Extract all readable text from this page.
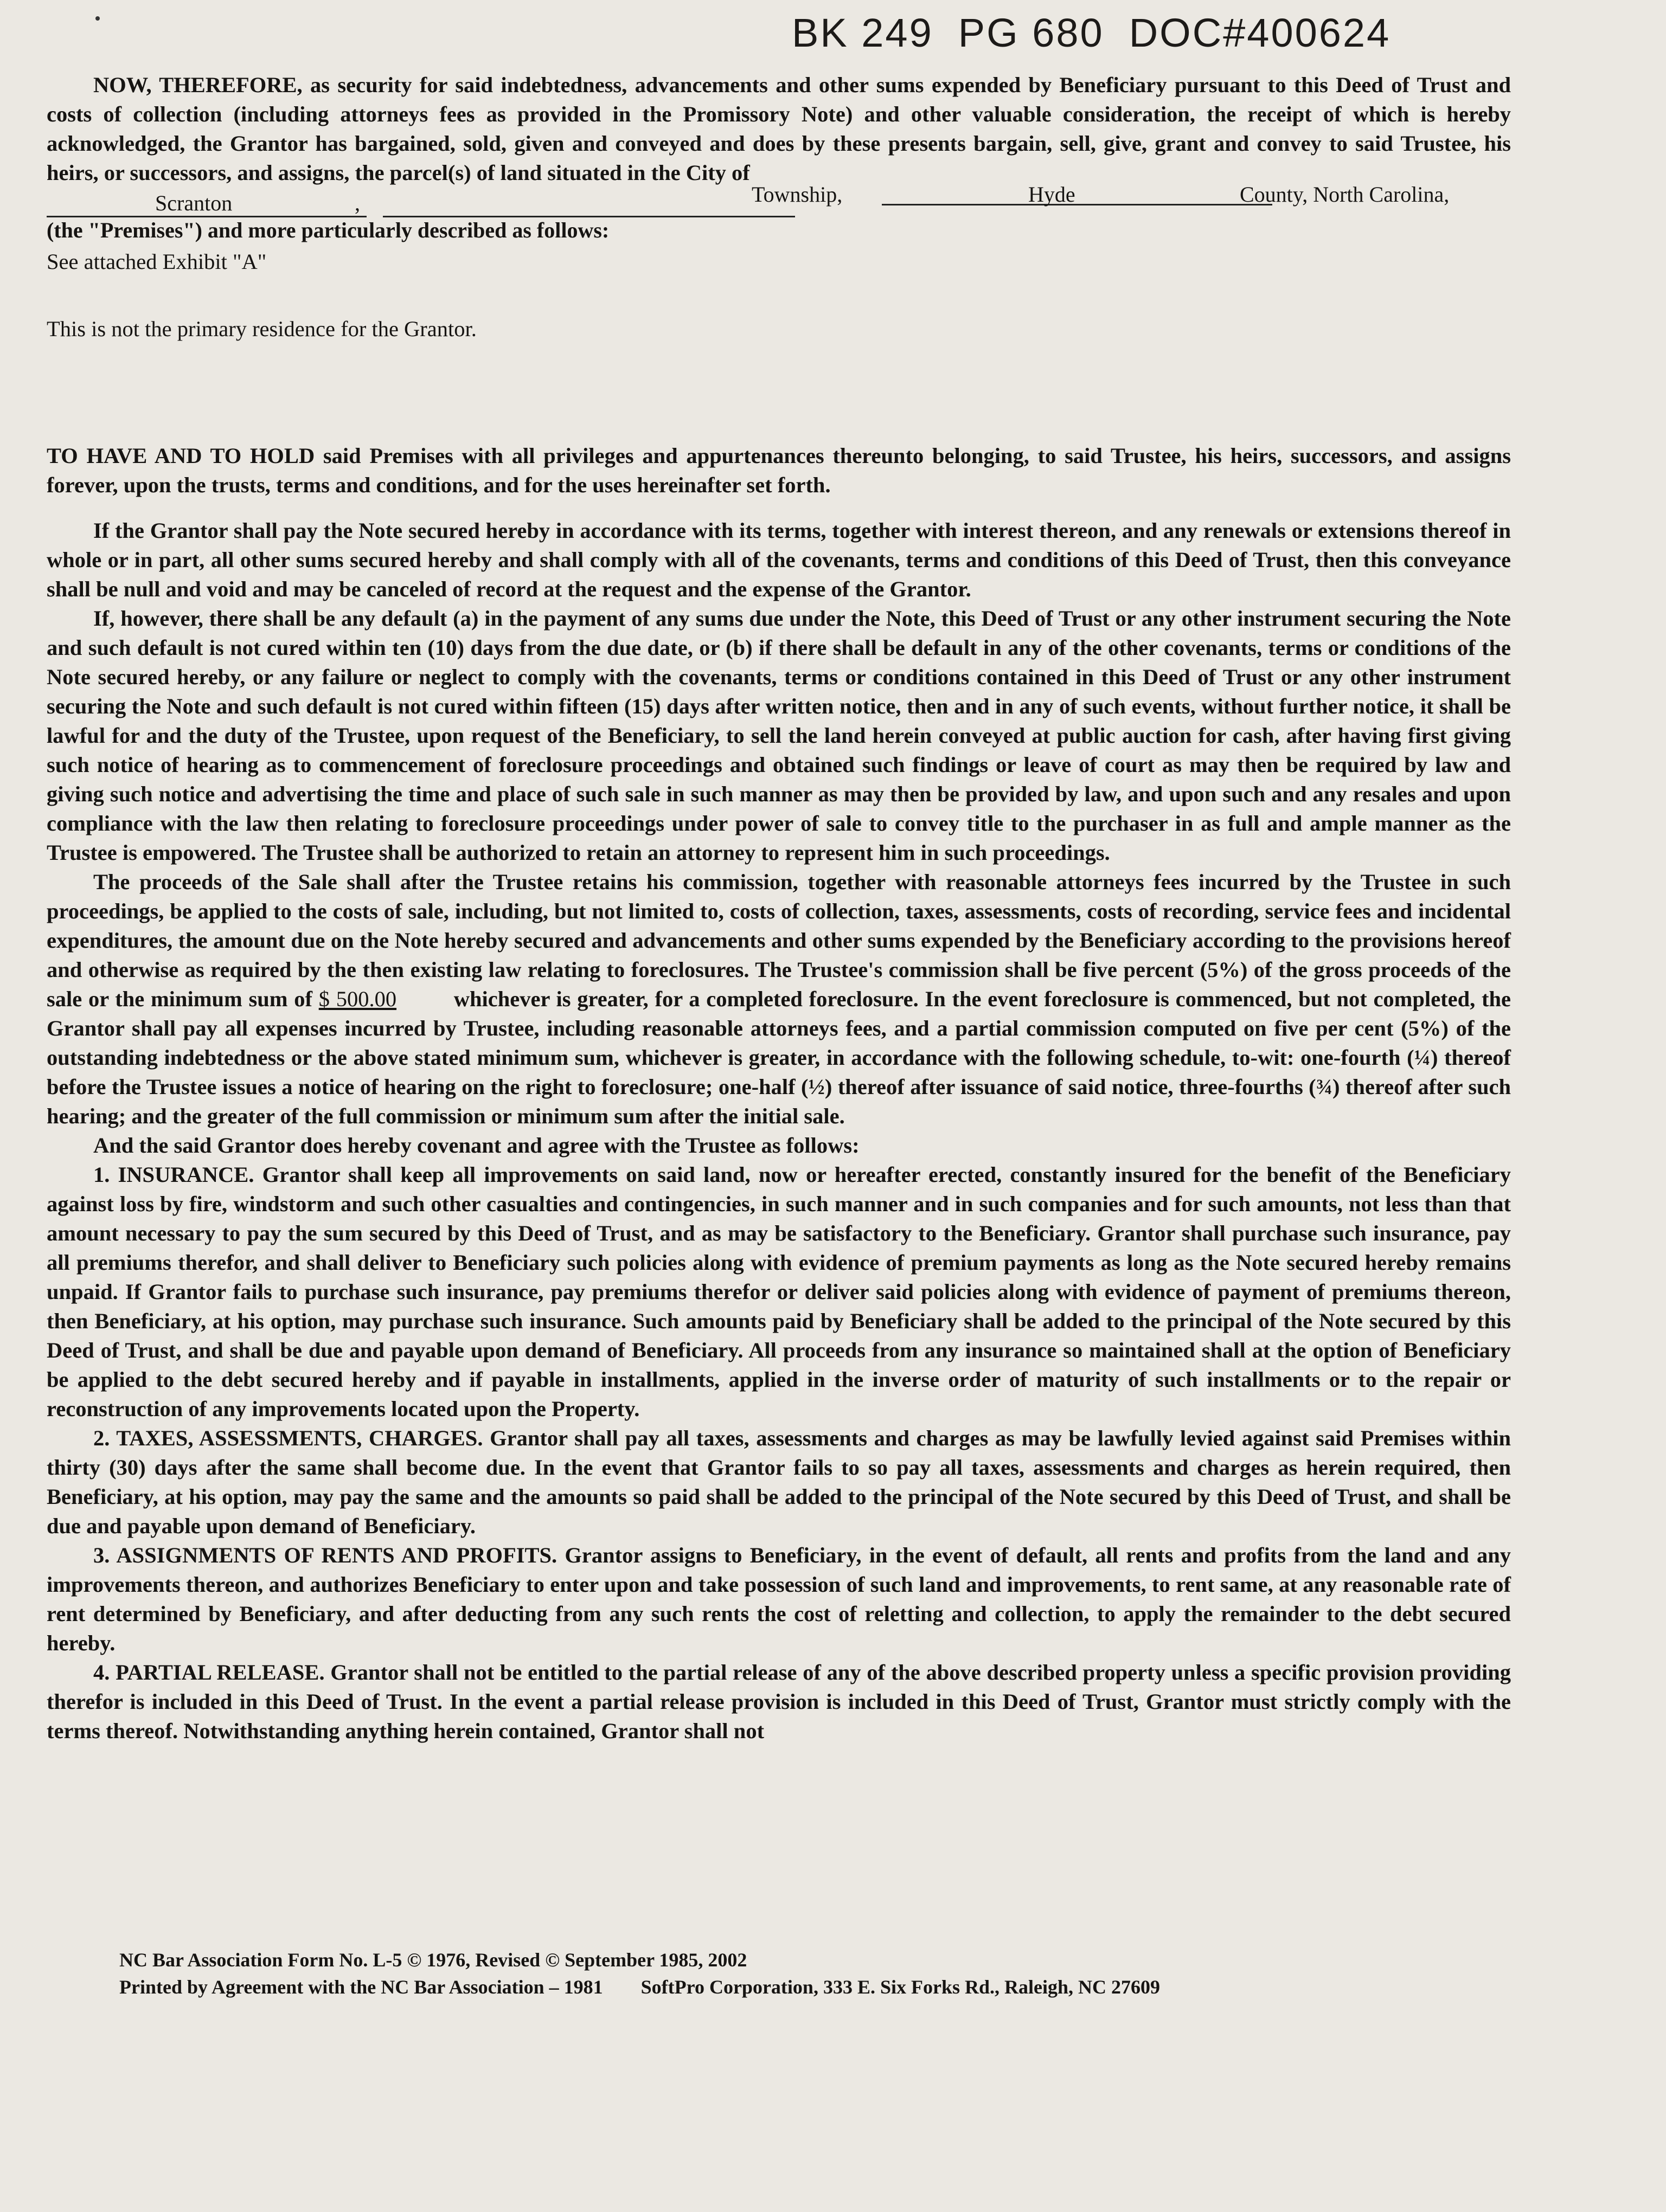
BK 249 PG 680 DOC#400624

NOW, THEREFORE, as security for said indebtedness, advancements and other sums expended by Beneficiary pursuant to this Deed of Trust and costs of collection (including attorneys fees as provided in the Promissory Note) and other valuable consideration, the receipt of which is hereby acknowledged, the Grantor has bargained, sold, given and conveyed and does by these presents bargain, sell, give, grant and convey to said Trustee, his heirs, or successors, and assigns, the parcel(s) of land situated in the City of

Scranton	,	Township,	Hyde	County, North Carolina,
(the "Premises") and more particularly described as follows:

See attached Exhibit "A"

This is not the primary residence for the Grantor.

TO HAVE AND TO HOLD said Premises with all privileges and appurtenances thereunto belonging, to said Trustee, his heirs, successors, and assigns forever, upon the trusts, terms and conditions, and for the uses hereinafter set forth.

If the Grantor shall pay the Note secured hereby in accordance with its terms, together with interest thereon, and any renewals or extensions thereof in whole or in part, all other sums secured hereby and shall comply with all of the covenants, terms and conditions of this Deed of Trust, then this conveyance shall be null and void and may be canceled of record at the request and the expense of the Grantor.

If, however, there shall be any default (a) in the payment of any sums due under the Note, this Deed of Trust or any other instrument securing the Note and such default is not cured within ten (10) days from the due date, or (b) if there shall be default in any of the other covenants, terms or conditions of the Note secured hereby, or any failure or neglect to comply with the covenants, terms or conditions contained in this Deed of Trust or any other instrument securing the Note and such default is not cured within fifteen (15) days after written notice, then and in any of such events, without further notice, it shall be lawful for and the duty of the Trustee, upon request of the Beneficiary, to sell the land herein conveyed at public auction for cash, after having first giving such notice of hearing as to commencement of foreclosure proceedings and obtained such findings or leave of court as may then be required by law and giving such notice and advertising the time and place of such sale in such manner as may then be provided by law, and upon such and any resales and upon compliance with the law then relating to foreclosure proceedings under power of sale to convey title to the purchaser in as full and ample manner as the Trustee is empowered. The Trustee shall be authorized to retain an attorney to represent him in such proceedings.

The proceeds of the Sale shall after the Trustee retains his commission, together with reasonable attorneys fees incurred by the Trustee in such proceedings, be applied to the costs of sale, including, but not limited to, costs of collection, taxes, assessments, costs of recording, service fees and incidental expenditures, the amount due on the Note hereby secured and advancements and other sums expended by the Beneficiary according to the provisions hereof and otherwise as required by the then existing law relating to foreclosures. The Trustee's commission shall be five percent (5%) of the gross proceeds of the sale or the minimum sum of $ 500.00	whichever is greater, for a completed foreclosure. In the event foreclosure is commenced, but not completed, the Grantor shall pay all expenses incurred by Trustee, including reasonable attorneys fees, and a partial commission computed on five per cent (5%) of the outstanding indebtedness or the above stated minimum sum, whichever is greater, in accordance with the following schedule, to-wit: one-fourth (¼) thereof before the Trustee issues a notice of hearing on the right to foreclosure; one-half (½) thereof after issuance of said notice, three-fourths (¾) thereof after such hearing; and the greater of the full commission or minimum sum after the initial sale.

And the said Grantor does hereby covenant and agree with the Trustee as follows:

1. INSURANCE. Grantor shall keep all improvements on said land, now or hereafter erected, constantly insured for the benefit of the Beneficiary against loss by fire, windstorm and such other casualties and contingencies, in such manner and in such companies and for such amounts, not less than that amount necessary to pay the sum secured by this Deed of Trust, and as may be satisfactory to the Beneficiary. Grantor shall purchase such insurance, pay all premiums therefor, and shall deliver to Beneficiary such policies along with evidence of premium payments as long as the Note secured hereby remains unpaid. If Grantor fails to purchase such insurance, pay premiums therefor or deliver said policies along with evidence of payment of premiums thereon, then Beneficiary, at his option, may purchase such insurance. Such amounts paid by Beneficiary shall be added to the principal of the Note secured by this Deed of Trust, and shall be due and payable upon demand of Beneficiary. All proceeds from any insurance so maintained shall at the option of Beneficiary be applied to the debt secured hereby and if payable in installments, applied in the inverse order of maturity of such installments or to the repair or reconstruction of any improvements located upon the Property.

2. TAXES, ASSESSMENTS, CHARGES. Grantor shall pay all taxes, assessments and charges as may be lawfully levied against said Premises within thirty (30) days after the same shall become due. In the event that Grantor fails to so pay all taxes, assessments and charges as herein required, then Beneficiary, at his option, may pay the same and the amounts so paid shall be added to the principal of the Note secured by this Deed of Trust, and shall be due and payable upon demand of Beneficiary.

3. ASSIGNMENTS OF RENTS AND PROFITS. Grantor assigns to Beneficiary, in the event of default, all rents and profits from the land and any improvements thereon, and authorizes Beneficiary to enter upon and take possession of such land and improvements, to rent same, at any reasonable rate of rent determined by Beneficiary, and after deducting from any such rents the cost of reletting and collection, to apply the remainder to the debt secured hereby.

4. PARTIAL RELEASE. Grantor shall not be entitled to the partial release of any of the above described property unless a specific provision providing therefor is included in this Deed of Trust. In the event a partial release provision is included in this Deed of Trust, Grantor must strictly comply with the terms thereof. Notwithstanding anything herein contained, Grantor shall not

NC Bar Association Form No. L-5 © 1976, Revised © September 1985, 2002
Printed by Agreement with the NC Bar Association – 1981 SoftPro Corporation, 333 E. Six Forks Rd., Raleigh, NC 27609
